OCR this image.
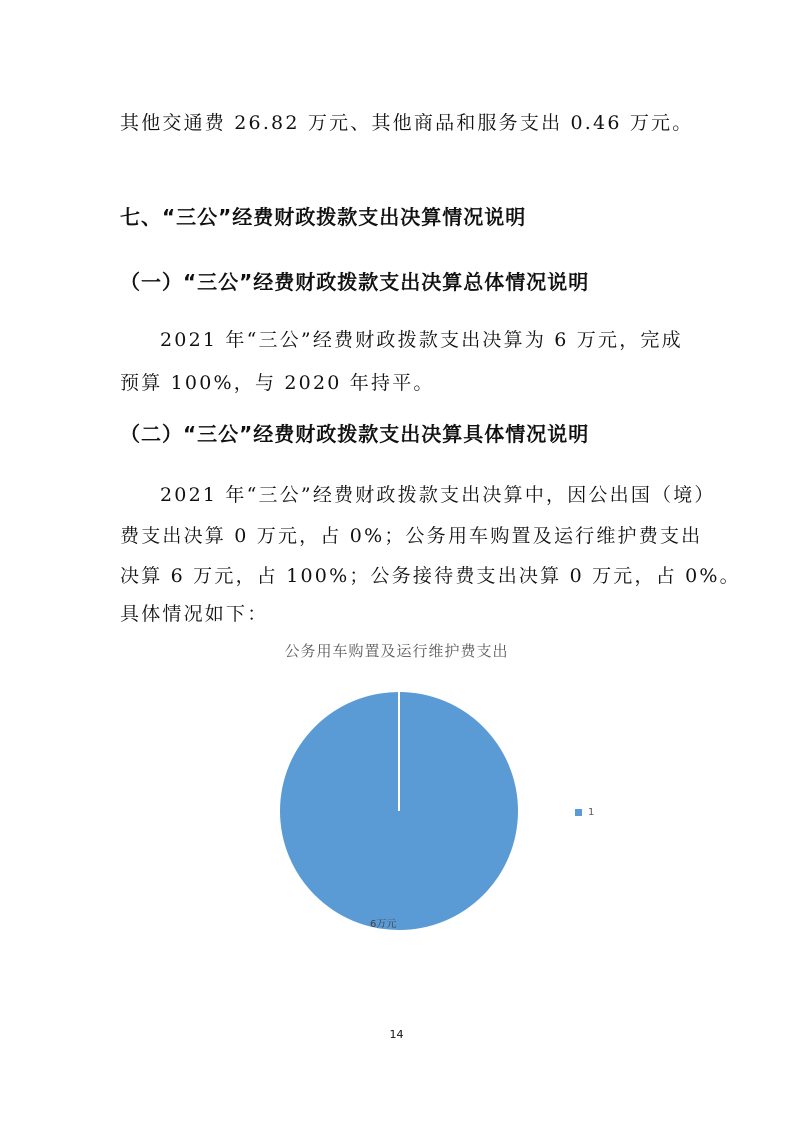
其他交通费 26.82 万元、其他商品和服务支出 0.46 万元。
七、“三公”经费财政拨款支出决算情况说明
（一）“三公”经费财政拨款支出决算总体情况说明
2021 年“三公”经费财政拨款支出决算为 6 万元，完成
预算 100%，与 2020 年持平。
（二）“三公”经费财政拨款支出决算具体情况说明
2021 年“三公”经费财政拨款支出决算中，因公出国（境）
费支出决算 0 万元，占 0%；公务用车购置及运行维护费支出
决算 6 万元，占 100%；公务接待费支出决算 0 万元，占 0%。
具体情况如下：
公务用车购置及运行维护费支出
1
6万元
14
